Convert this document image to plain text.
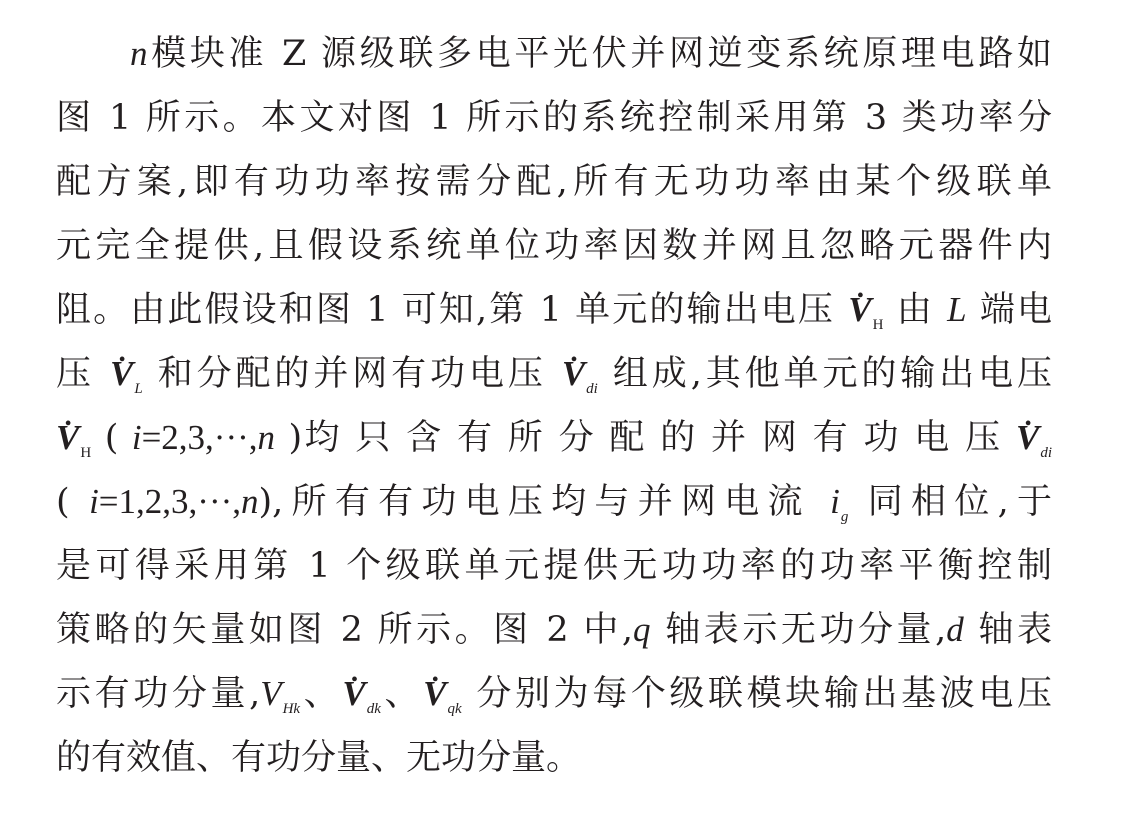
n模块准 Z 源级联多电平光伏并网逆变系统原理电路如
图 1 所示。本文对图 1 所示的系统控制采用第 3 类功率分
配方案,即有功功率按需分配,所有无功功率由某个级联单
元完全提供,且假设系统单位功率因数并网且忽略元器件内
阻。由此假设和图 1 可知,第 1 单元的输出电压 • $V_H$ 由 L 端电
压 • $V_L$ 和分配的并网有功电压 • $V_{di}$ 组成,其他单元的输出电压
• $V_H$ ( i=2,3,···,n )均 只 含 有 所 分 配 的 并 网 有 功 电 压 • $V_{di}$
( i=1,2,3,···,n),所有有功电压均与并网电流 $i_g$ 同相位,于
是可得采用第 1 个级联单元提供无功功率的功率平衡控制
策略的矢量如图 2 所示。图 2 中,q 轴表示无功分量,d 轴表
示有功分量$,V_{Hk}$、• $V_{dk}$、• $V_{qk}$ 分别为每个级联模块输出基波电压
的有效值、有功分量、无功分量。
